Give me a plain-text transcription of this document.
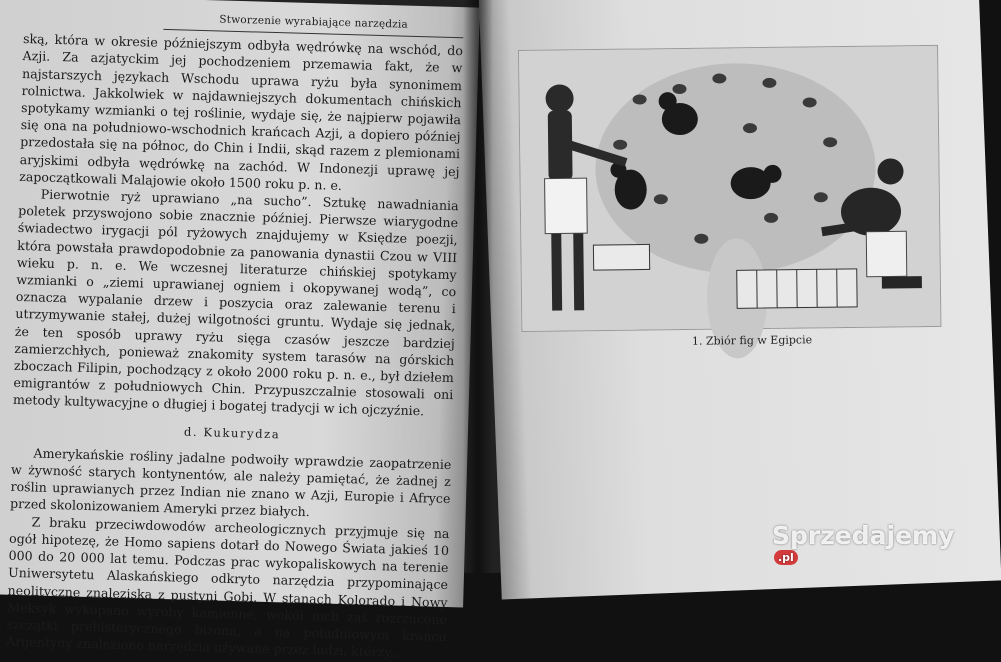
Stworzenie wyrabiające narzędzia

ską, która w okresie późniejszym odbyła wędrówkę na wschód, do Azji. Za azjatyckim jej pochodzeniem przemawia fakt, że w najstarszych językach Wschodu uprawa ryżu była synonimem rolnictwa. Jakkolwiek w najdawniejszych dokumentach chińskich spotykamy wzmianki o tej roślinie, wydaje się, że najpierw pojawiła się ona na południowo-wschodnich krańcach Azji, a dopiero później przedostała się na północ, do Chin i Indii, skąd razem z plemionami aryjskimi odbyła wędrówkę na zachód. W Indonezji uprawę jej zapoczątkowali Malajowie około 1500 roku p. n. e.

Pierwotnie ryż uprawiano „na sucho”. Sztukę nawadniania poletek przyswojono sobie znacznie później. Pierwsze wiarygodne świadectwo irygacji pól ryżowych znajdujemy w Księdze poezji, która powstała prawdopodobnie za panowania dynastii Czou w VIII wieku p. n. e. We wczesnej literaturze chińskiej spotykamy wzmianki o „ziemi uprawianej ogniem i okopywanej wodą”, co oznacza wypalanie drzew i poszycia oraz zalewanie terenu i utrzymywanie stałej, dużej wilgotności gruntu. Wydaje się jednak, że ten sposób uprawy ryżu sięga czasów jeszcze bardziej zamierzchłych, ponieważ znakomity system tarasów na górskich zboczach Filipin, pochodzący z około 2000 roku p. n. e., był dziełem emigrantów z południowych Chin. Przypuszczalnie stosowali oni metody kultywacyjne o długiej i bogatej tradycji w ich ojczyźnie.

d. Kukurydza

Amerykańskie rośliny jadalne podwoiły wprawdzie zaopatrzenie w żywność starych kontynentów, ale należy pamiętać, że żadnej z roślin uprawianych przez Indian nie znano w Azji, Europie i Afryce przed skolonizowaniem Ameryki przez białych.

Z braku przeciwdowodów archeologicznych przyjmuje się na ogół hipotezę, że Homo sapiens dotarł do Nowego Świata jakieś 10 000 do 20 000 lat temu. Podczas prac wykopaliskowych na terenie Uniwersytetu Alaskańskiego odkryto narzędzia przypominające neolityczne znaleziska z pustyni Gobi. W stanach Kolorado i Nowy Meksyk wykopano wyroby kamienne, wokół nich zaś rozrzucone szczątki prehistorycznego bizona, a na południowym krańcu Argentyny znaleziono narzędzia używane przez ludzi, którzy...

1. Zbiór fig w Egipcie
Sprzedajemy.pl
